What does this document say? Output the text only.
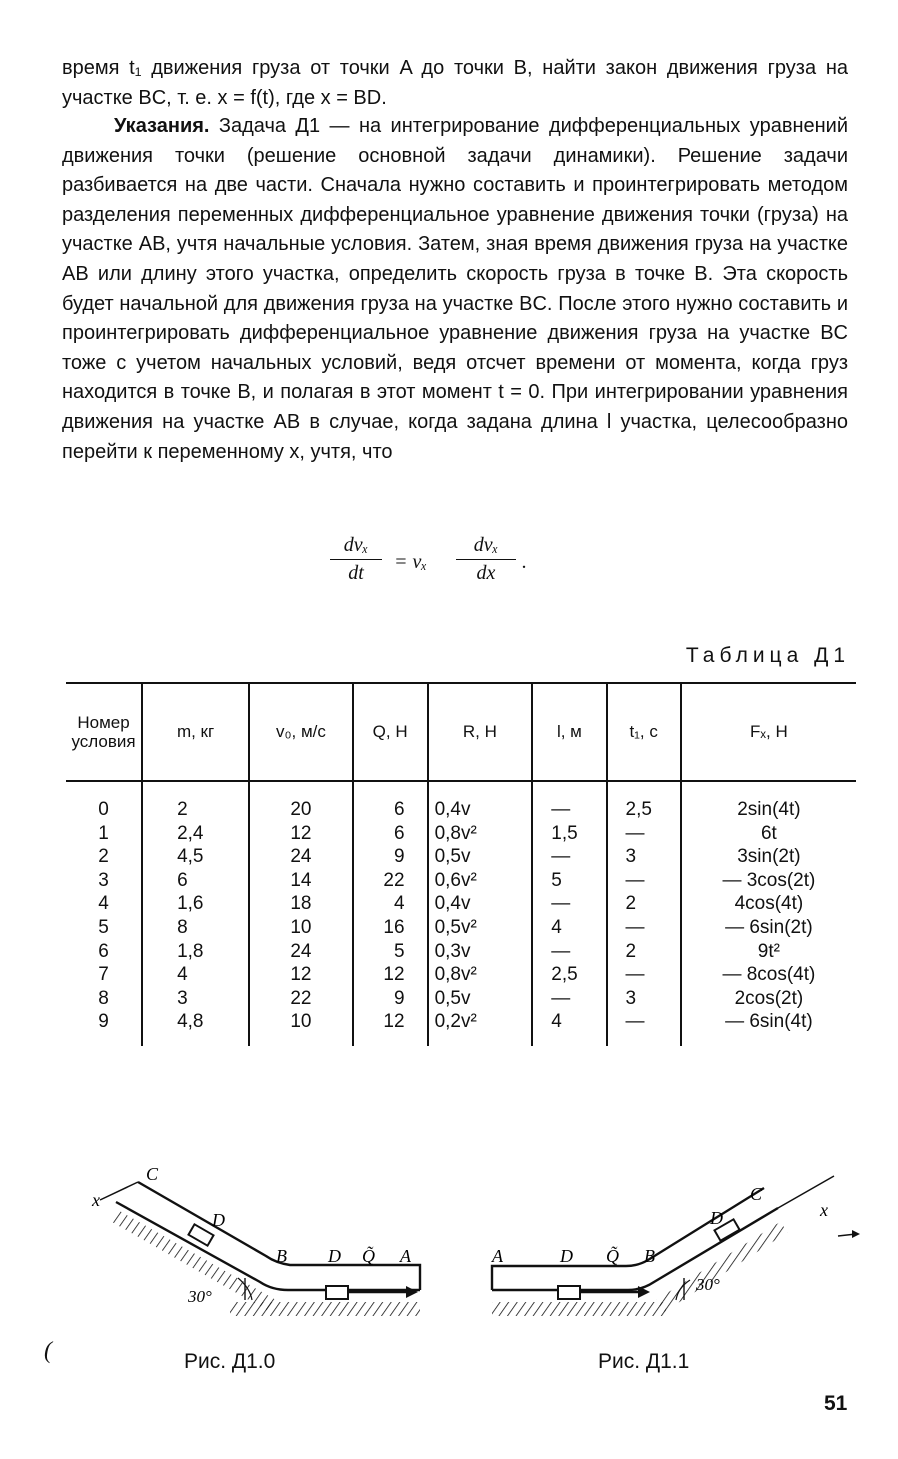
время t₁ движения груза от точки A до точки B, найти закон движения груза на участке BC, т. е. x = f(t), где x = BD.

Указания. Задача Д1 — на интегрирование дифференциальных уравнений движения точки (решение основной задачи динамики). Решение задачи разбивается на две части. Сначала нужно составить и проинтегрировать методом разделения переменных дифференциальное уравнение движения точки (груза) на участке AB, учтя начальные условия. Затем, зная время движения груза на участке AB или длину этого участка, определить скорость груза в точке B. Эта скорость будет начальной для движения груза на участке BC. После этого нужно составить и проинтегрировать дифференциальное уравнение движения груза на участке BC тоже с учетом начальных условий, ведя отсчет времени от момента, когда груз находится в точке B, и полагая в этот момент t = 0. При интегрировании уравнения движения на участке AB в случае, когда задана длина l участка, целесообразно перейти к переменному x, учтя, что

dvₓ
dt	= vₓ
dvₓ
dx	.
Таблица Д1
Номер условия	m, кг	v₀, м/с	Q, Н	R, Н	l, м	t₁, с	Fₓ, Н
0	2	20	6	0,4v	—	2,5	2sin(4t)
1	2,4	12	6	0,8v²	1,5	—	6t
2	4,5	24	9	0,5v	—	3	3sin(2t)
3	6	14	22	0,6v²	5	—	— 3cos(2t)
4	1,6	18	4	0,4v	—	2	4cos(4t)
5	8	10	16	0,5v²	4	—	— 6sin(2t)
6	1,8	24	5	0,3v	—	2	9t²
7	4	12	12	0,8v²	2,5	—	— 8cos(4t)
8	3	22	9	0,5v	—	3	2cos(2t)
9	4,8	10	12	0,2v²	4	—	— 6sin(4t)
x
C
D
B D Q̃ A
30°
A	D Q̃ B
C
D	x
30°
(	Рис. Д1.0	Рис. Д1.1
51
